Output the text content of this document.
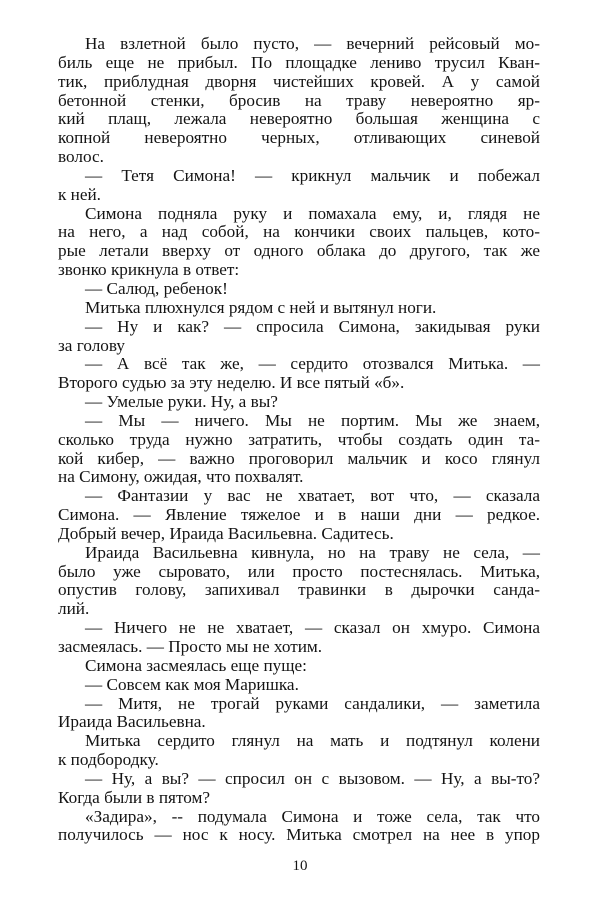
На взлетной было пусто, — вечерний рейсовый мо-
биль еще не прибыл. По площадке лениво трусил Кван-
тик, приблудная дворня чистейших кровей. А у самой
бетонной стенки, бросив на траву невероятно яр-
кий плащ, лежала невероятно большая женщина с
копной невероятно черных, отливающих синевой
волос.
— Тетя Симона! — крикнул мальчик и побежал
к ней.
Симона подняла руку и помахала ему, и, глядя не
на него, а над собой, на кончики своих пальцев, кото-
рые летали вверху от одного облака до другого, так же
звонко крикнула в ответ:
— Салюд, ребенок!
Митька плюхнулся рядом с ней и вытянул ноги.
— Ну и как? — спросила Симона, закидывая руки
за голову
— А всё так же, — сердито отозвался Митька. —
Второго судью за эту неделю. И все пятый «б».
— Умелые руки. Ну, а вы?
— Мы — ничего. Мы не портим. Мы же знаем,
сколько труда нужно затратить, чтобы создать один та-
кой кибер, — важно проговорил мальчик и косо глянул
на Симону, ожидая, что похвалят.
— Фантазии у вас не хватает, вот что, — сказала
Симона. — Явление тяжелое и в наши дни — редкое.
Добрый вечер, Ираида Васильевна. Садитесь.
Ираида Васильевна кивнула, но на траву не села, —
было уже сыровато, или просто постеснялась. Митька,
опустив голову, запихивал травинки в дырочки санда-
лий.
— Ничего не не хватает, — сказал он хмуро. Симона
засмеялась. — Просто мы не хотим.
Симона засмеялась еще пуще:
— Совсем как моя Маришка.
— Митя, не трогай руками сандалики, — заметила
Ираида Васильевна.
Митька сердито глянул на мать и подтянул колени
к подбородку.
— Ну, а вы? — спросил он с вызовом. — Ну, а вы-то?
Когда были в пятом?
«Задира», -- подумала Симона и тоже села, так что
получилось — нос к носу. Митька смотрел на нее в упор
10
